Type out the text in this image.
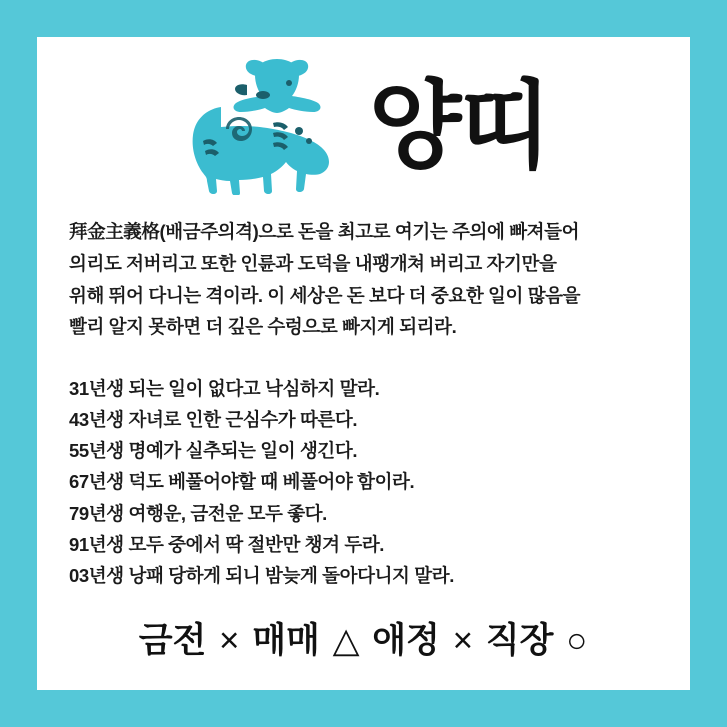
양띠

拜金主義格(배금주의격)으로 돈을 최고로 여기는 주의에 빠져들어

의리도 저버리고 또한 인륜과 도덕을 내팽개쳐 버리고 자기만을

위해 뛰어 다니는 격이라. 이 세상은 돈 보다 더 중요한 일이 많음을

빨리 알지 못하면 더 깊은 수렁으로 빠지게 되리라.

31년생 되는 일이 없다고 낙심하지 말라.
43년생 자녀로 인한 근심수가 따른다.
55년생 명예가 실추되는 일이 생긴다.
67년생 덕도 베풀어야할 때 베풀어야 함이라.
79년생 여행운, 금전운 모두 좋다.
91년생 모두 중에서 딱 절반만 챙겨 두라.
03년생 낭패 당하게 되니 밤늦게 돌아다니지 말라.
금전 × 매매 △ 애정 × 직장 ○
